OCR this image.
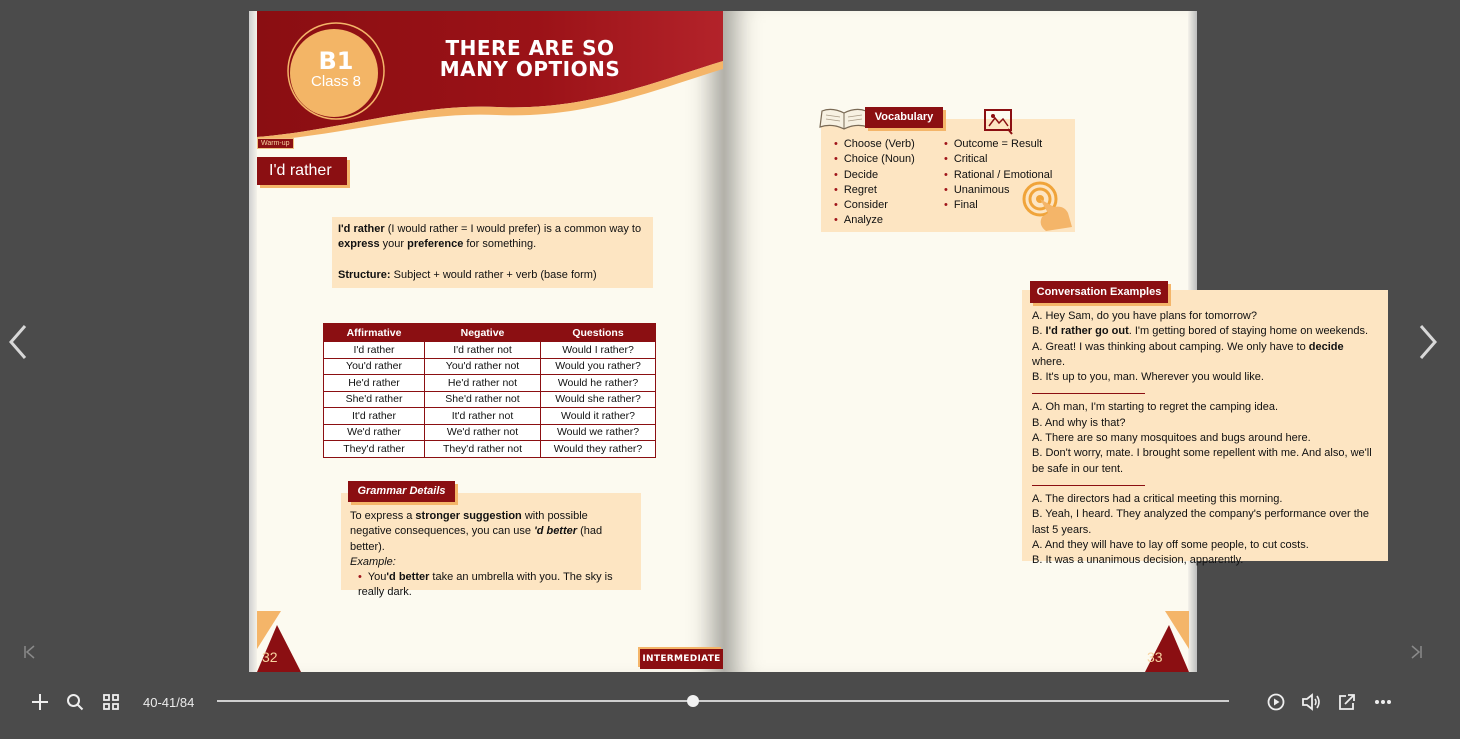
B1
Class 8
THERE ARE SO
MANY OPTIONS
Warm-up
I'd rather
I'd rather (I would rather = I would prefer) is a common way to express your preference for something.
Structure: Subject + would rather + verb (base form)
Affirmative	Negative	Questions
I'd rather	I'd rather not	Would I rather?
You'd rather	You'd rather not	Would you rather?
He'd rather	He'd rather not	Would he rather?
She'd rather	She'd rather not	Would she rather?
It'd rather	It'd rather not	Would it rather?
We'd rather	We'd rather not	Would we rather?
They'd rather	They'd rather not	Would they rather?
To express a stronger suggestion with possible negative consequences, you can use 'd better (had better).
Example:
• You'd better take an umbrella with you. The sky is really dark.
Grammar Details
32	INTERMEDIATE
Vocabulary
• Choose (Verb)
• Choice (Noun)
• Decide
• Regret
• Consider
• Analyze
• Outcome = Result
• Critical
• Rational / Emotional
• Unanimous
• Final
A. Hey Sam, do you have plans for tomorrow?
B. I'd rather go out. I'm getting bored of staying home on weekends.
A. Great! I was thinking about camping. We only have to decide where.
B. It's up to you, man. Wherever you would like.
A. Oh man, I'm starting to regret the camping idea.
B. And why is that?
A. There are so many mosquitoes and bugs around here.
B. Don't worry, mate. I brought some repellent with me. And also, we'll be safe in our tent.
A. The directors had a critical meeting this morning.
B. Yeah, I heard. They analyzed the company's performance over the last 5 years.
A. And they will have to lay off some people, to cut costs.
B. It was a unanimous decision, apparently.
Conversation Examples
33
40-41/84
